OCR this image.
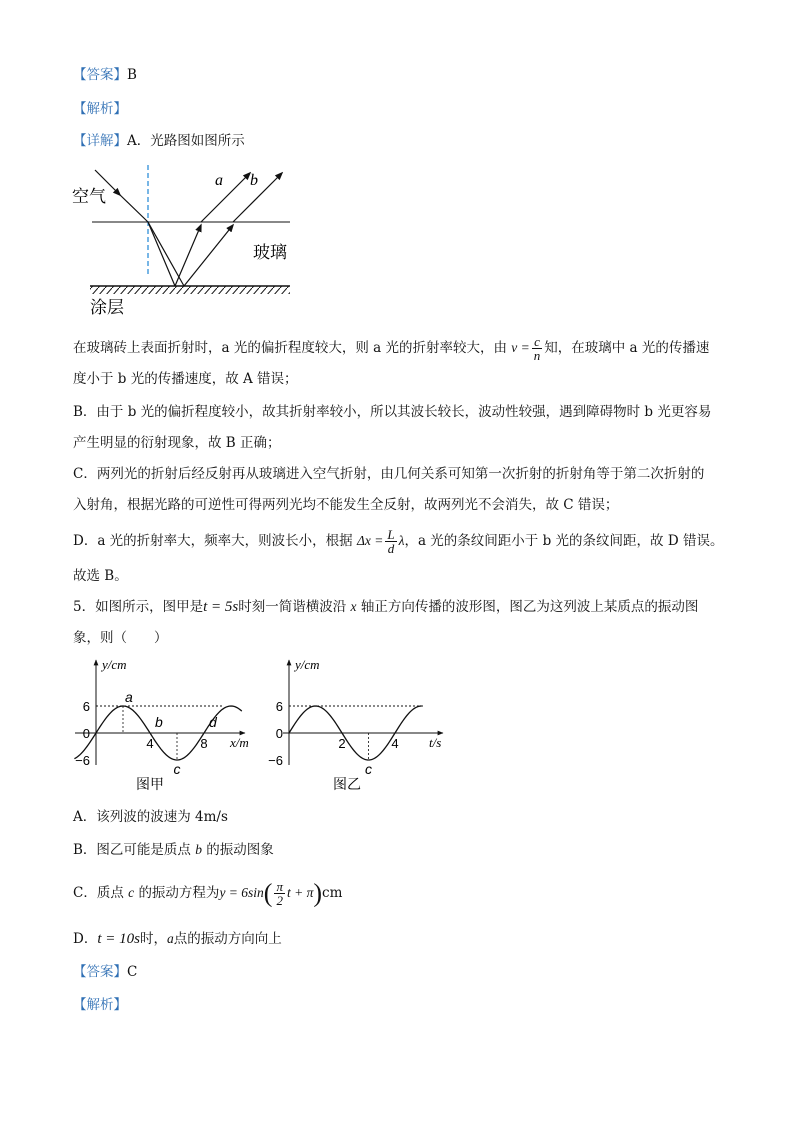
【答案】B
【解析】
【详解】A．光路图如图所示
空气
玻璃
涂层
a b
在玻璃砖上表面折射时，a 光的偏折程度较大，则 a 光的折射率较大，由 $v = \frac{c}{n}$ 知，在玻璃中 a 光的传播速
度小于 b 光的传播速度，故 A 错误；
B．由于 b 光的偏折程度较小，故其折射率较小，所以其波长较长，波动性较强，遇到障碍物时 b 光更容易
产生明显的衍射现象，故 B 正确；
C．两列光的折射后经反射再从玻璃进入空气折射，由几何关系可知第一次折射的折射角等于第二次折射的
入射角，根据光路的可逆性可得两列光均不能发生全反射，故两列光不会消失，故 C 错误；
D．a 光的折射率大，频率大，则波长小，根据 $\Delta x = \frac{L}{d}$ λ，a 光的条纹间距小于 b 光的条纹间距，故 D 错误。
故选 B。
5．如图所示，图甲是t = 5s时刻一简谐横波沿 x 轴正方向传播的波形图，图乙为这列波上某质点的振动图
象，则（　　）
6
0
−6
4	8
a
b
c
d
y/cm
x/m
图甲
6
0
−6
2	4
c
y/cm
t/s
图乙
A．该列波的波速为 4m/s
B．图乙可能是质点 b 的振动图象
C．质点 c 的振动方程为$y = 6\sin( \frac{\pi}{2}$ t + π)cm
D．t = 10s时，a点的振动方向向上
【答案】C
【解析】
